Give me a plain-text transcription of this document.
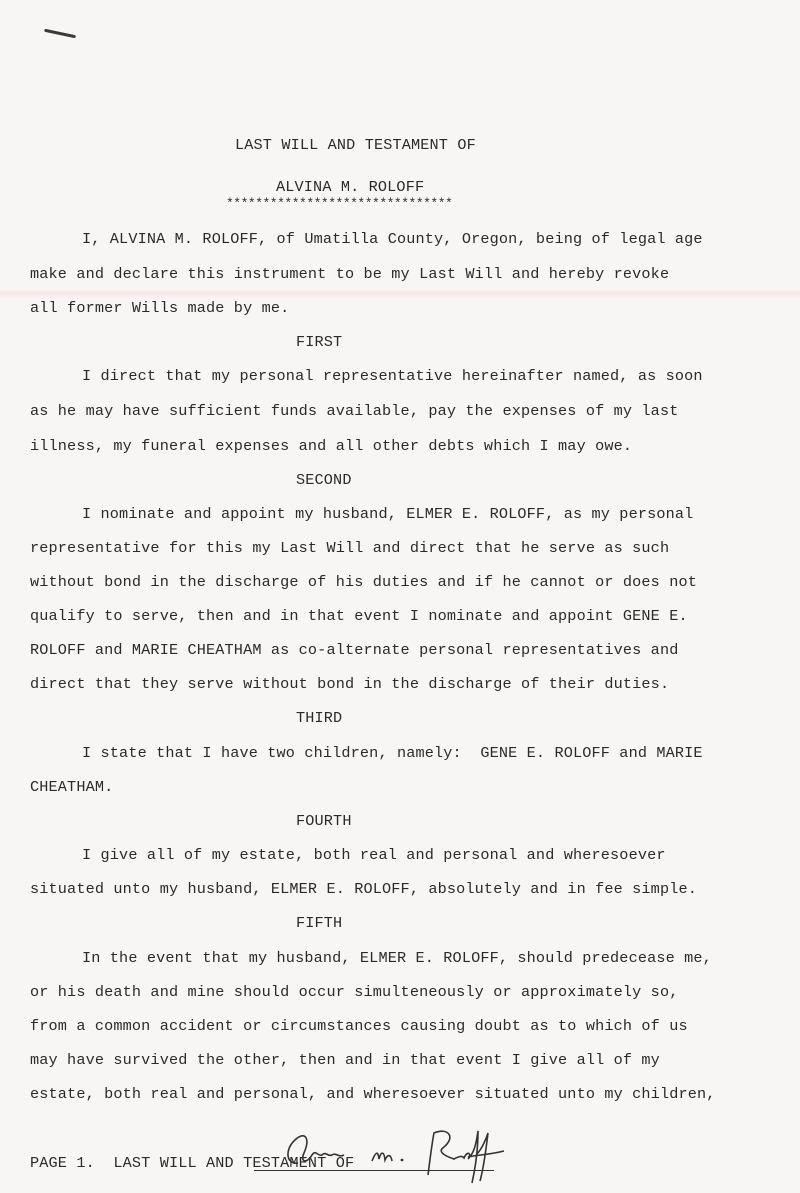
LAST WILL AND TESTAMENT OF
ALVINA M. ROLOFF
*******************************
I, ALVINA M. ROLOFF, of Umatilla County, Oregon, being of legal age
make and declare this instrument to be my Last Will and hereby revoke
all former Wills made by me.
FIRST
I direct that my personal representative hereinafter named, as soon
as he may have sufficient funds available, pay the expenses of my last
illness, my funeral expenses and all other debts which I may owe.
SECOND
I nominate and appoint my husband, ELMER E. ROLOFF, as my personal
representative for this my Last Will and direct that he serve as such
without bond in the discharge of his duties and if he cannot or does not
qualify to serve, then and in that event I nominate and appoint GENE E.
ROLOFF and MARIE CHEATHAM as co-alternate personal representatives and
direct that they serve without bond in the discharge of their duties.
THIRD
I state that I have two children, namely:  GENE E. ROLOFF and MARIE
CHEATHAM.
FOURTH
I give all of my estate, both real and personal and wheresoever
situated unto my husband, ELMER E. ROLOFF, absolutely and in fee simple.
FIFTH
In the event that my husband, ELMER E. ROLOFF, should predecease me,
or his death and mine should occur simulteneously or approximately so,
from a common accident or circumstances causing doubt as to which of us
may have survived the other, then and in that event I give all of my
estate, both real and personal, and wheresoever situated unto my children,
PAGE 1.  LAST WILL AND TESTAMENT OF
